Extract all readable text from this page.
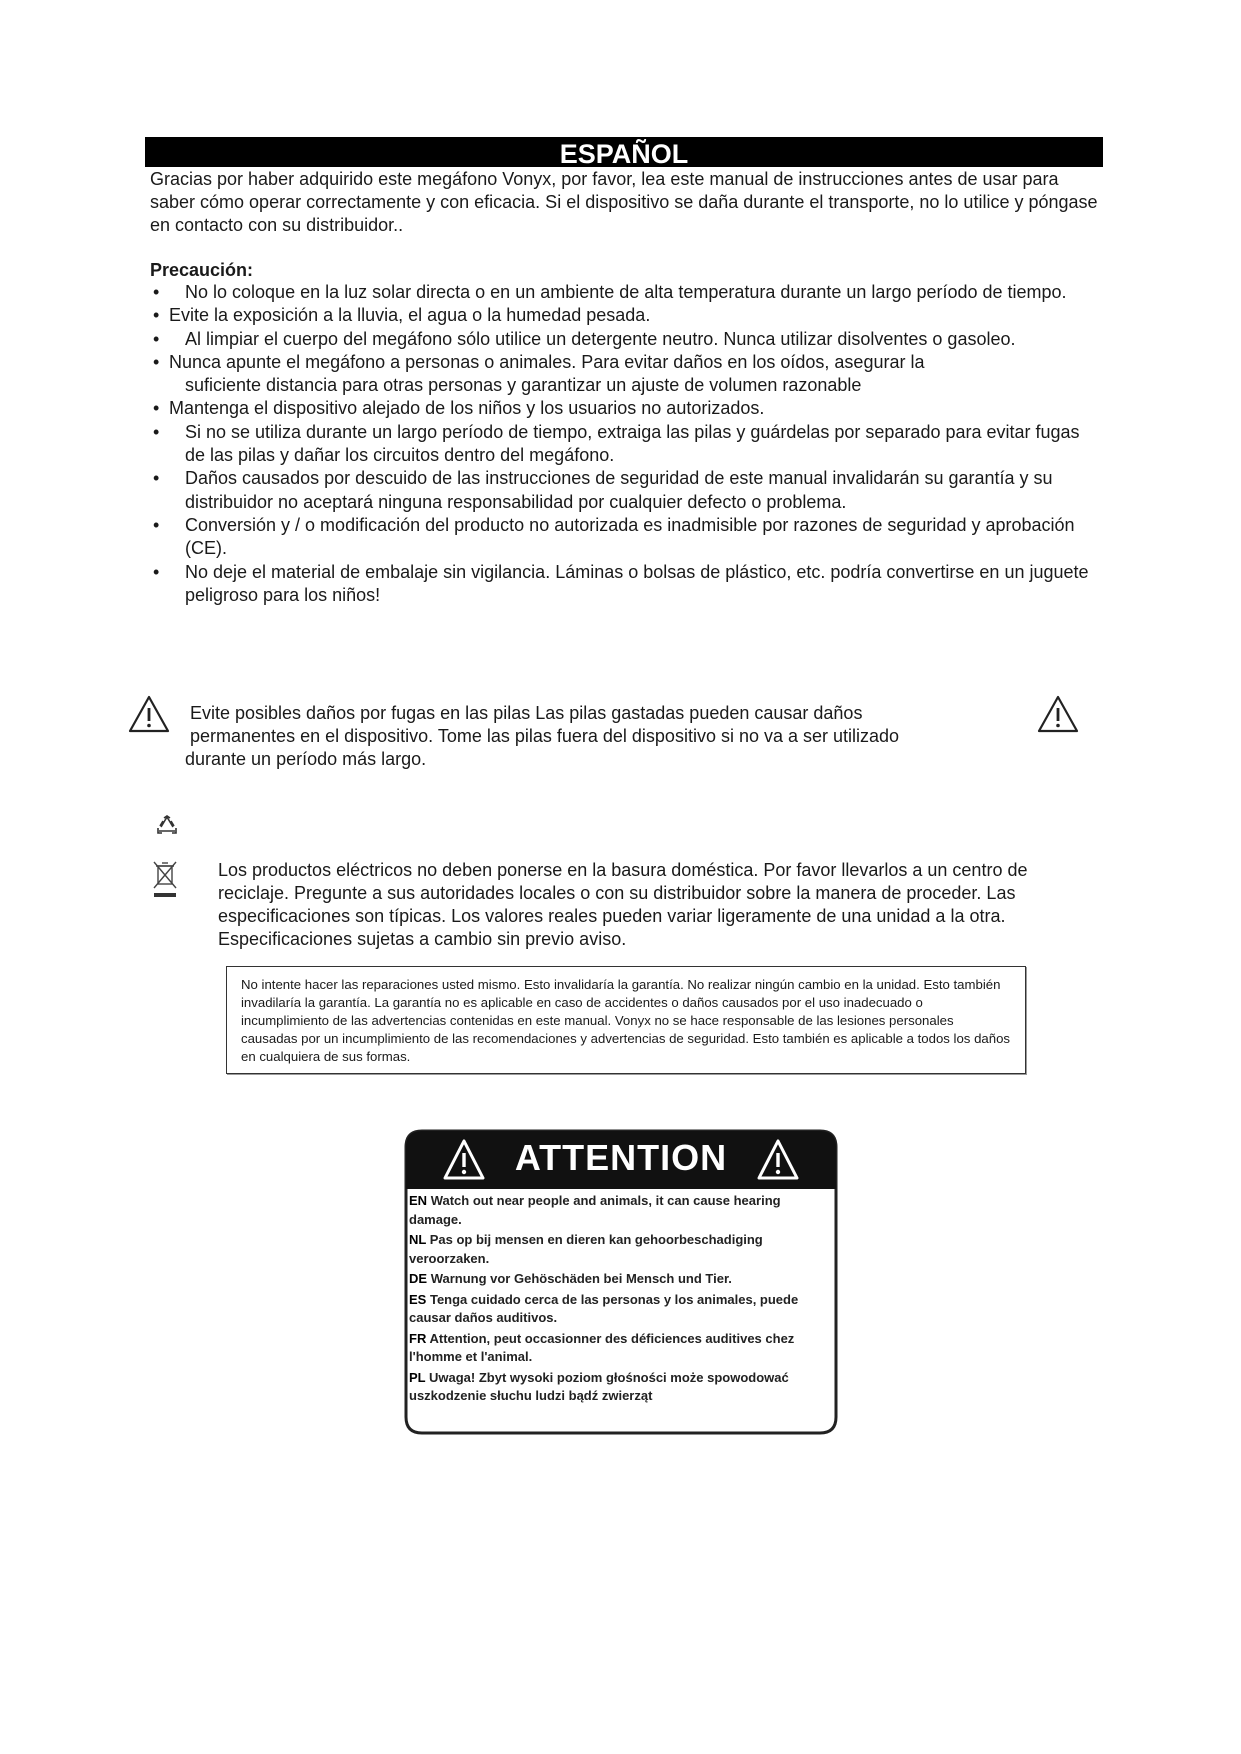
ESPAÑOL

Gracias por haber adquirido este megáfono Vonyx, por favor, lea este manual de instrucciones antes de usar para saber cómo operar correctamente y con eficacia. Si el dispositivo se daña durante el transporte, no lo utilice y póngase en contacto con su distribuidor..

Precaución:

• No lo coloque en la luz solar directa o en un ambiente de alta temperatura durante un largo período de tiempo.
• Evite la exposición a la lluvia, el agua o la humedad pesada.
• Al limpiar el cuerpo del megáfono sólo utilice un detergente neutro. Nunca utilizar disolventes o gasoleo.
• Nunca apunte el megáfono a personas o animales. Para evitar daños en los oídos, asegurar la
suficiente distancia para otras personas y garantizar un ajuste de volumen razonable
• Mantenga el dispositivo alejado de los niños y los usuarios no autorizados.
• Si no se utiliza durante un largo período de tiempo, extraiga las pilas y guárdelas por separado para evitar fugas de las pilas y dañar los circuitos dentro del megáfono.
• Daños causados por descuido de las instrucciones de seguridad de este manual invalidarán su garantía y su distribuidor no aceptará ninguna responsabilidad por cualquier defecto o problema.
• Conversión y / o modificación del producto no autorizada es inadmisible por razones de seguridad y aprobación (CE).
• No deje el material de embalaje sin vigilancia. Láminas o bolsas de plástico, etc. podría convertirse en un juguete peligroso para los niños!

Evite posibles daños por fugas en las pilas Las pilas gastadas pueden causar daños
permanentes en el dispositivo. Tome las pilas fuera del dispositivo si no va a ser utilizado
durante un período más largo.

Los productos eléctricos no deben ponerse en la basura doméstica. Por favor llevarlos a un centro de reciclaje. Pregunte a sus autoridades locales o con su distribuidor sobre la manera de proceder. Las especificaciones son típicas. Los valores reales pueden variar ligeramente de una unidad a la otra. Especificaciones sujetas a cambio sin previo aviso.

No intente hacer las reparaciones usted mismo. Esto invalidaría la garantía. No realizar ningún cambio en la unidad. Esto también invadilaría la garantía. La garantía no es aplicable en caso de accidentes o daños causados por el uso inadecuado o incumplimiento de las advertencias contenidas en este manual. Vonyx no se hace responsable de las lesiones personales causadas por un incumplimiento de las recomendaciones y advertencias de seguridad. Esto también es aplicable a todos los daños en cualquiera de sus formas.
ATTENTION
EN Watch out near people and animals, it can cause hearing damage.
NL Pas op bij mensen en dieren kan gehoorbeschadiging veroorzaken.
DE Warnung vor Gehöschäden bei Mensch und Tier.
ES Tenga cuidado cerca de las personas y los animales, puede causar daños auditivos.
FR Attention, peut occasionner des déficiences auditives chez l'homme et l'animal.
PL Uwaga! Zbyt wysoki poziom głośności może spowodować uszkodzenie słuchu ludzi bądź zwierząt
